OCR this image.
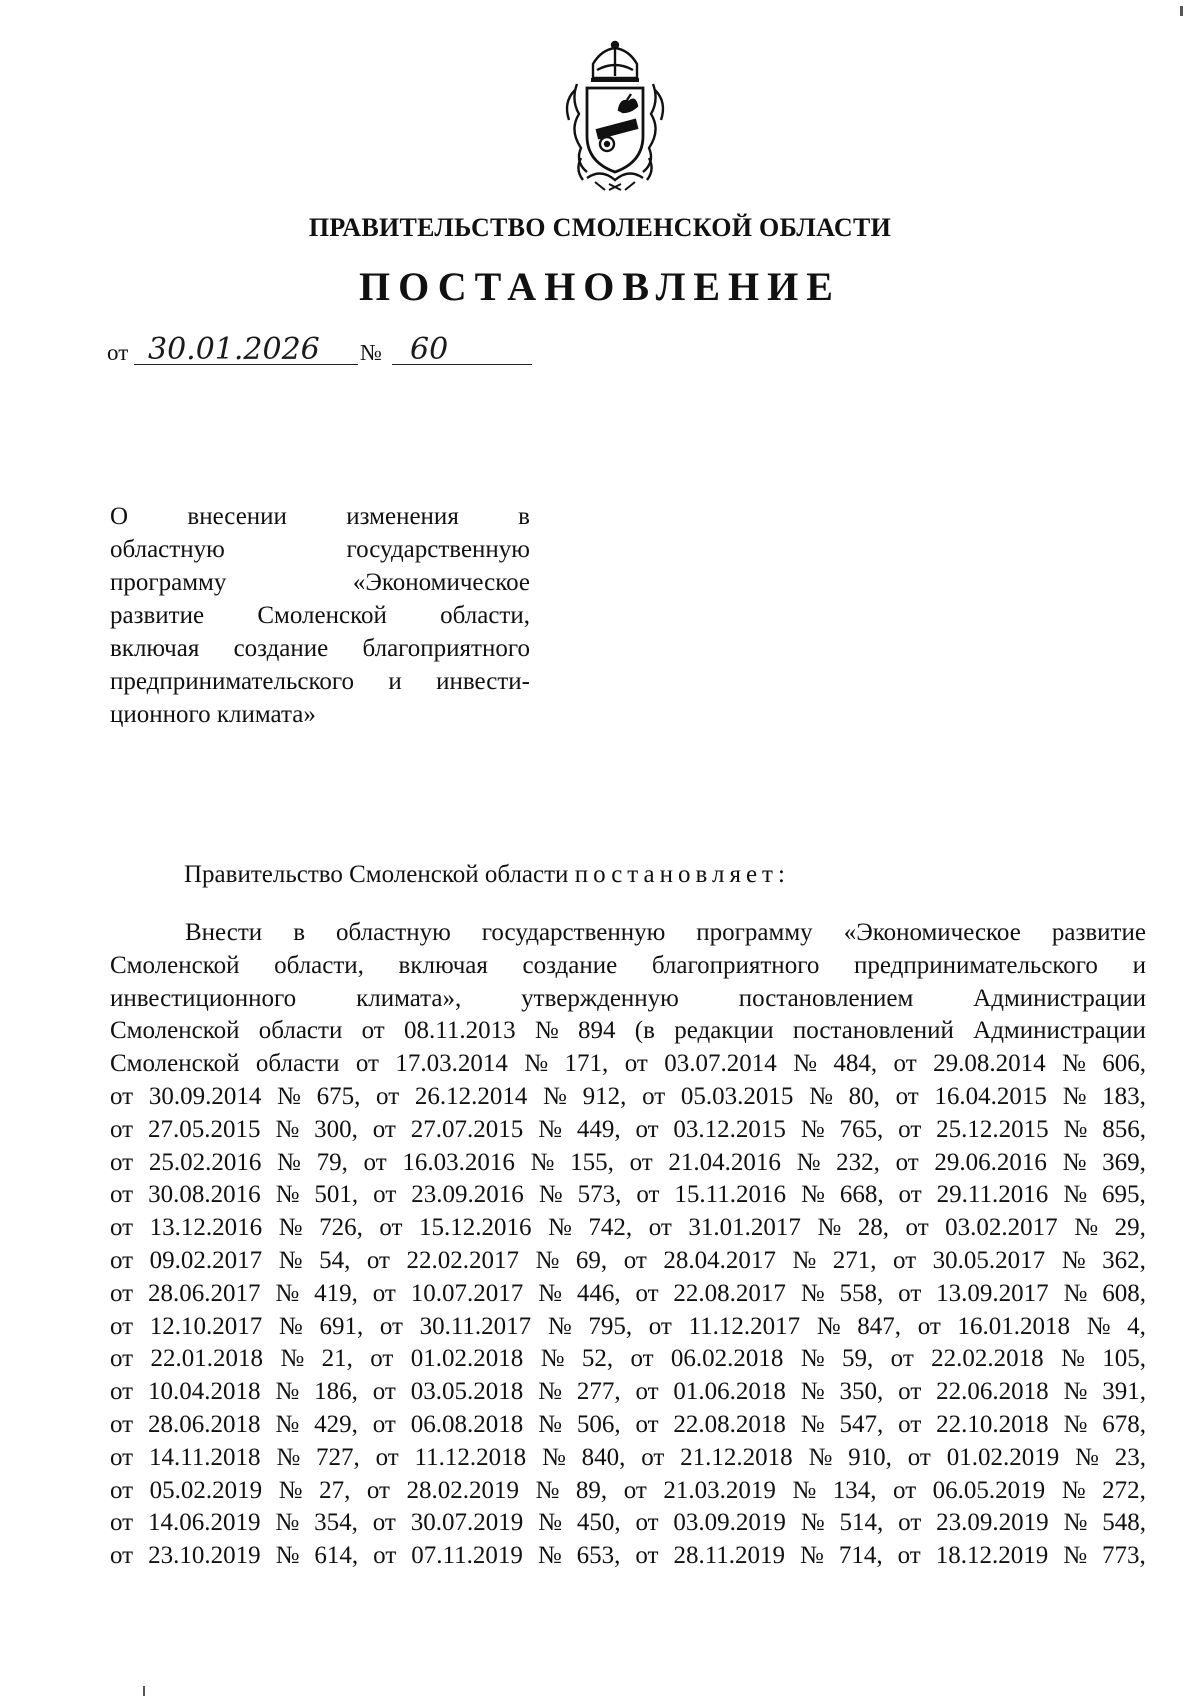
ПРАВИТЕЛЬСТВО СМОЛЕНСКОЙ ОБЛАСТИ
ПОСТАНОВЛЕНИЕ
от 30.01.2026 № 60
О внесении изменения в
областную	государственную
программу	«Экономическое
развитие Смоленской области,
включая создание благоприятного
предпринимательского и инвести-
ционного климата»
Правительство Смоленской области постановляет:
Внести в областную государственную программу «Экономическое развитие
Смоленской области, включая создание благоприятного предпринимательского и
инвестиционного климата», утвержденную постановлением Администрации
Смоленской области от 08.11.2013 № 894 (в редакции постановлений Администрации
Смоленской области от 17.03.2014 № 171, от 03.07.2014 № 484, от 29.08.2014 № 606,
от 30.09.2014 № 675, от 26.12.2014 № 912, от 05.03.2015 № 80, от 16.04.2015 № 183,
от 27.05.2015 № 300, от 27.07.2015 № 449, от 03.12.2015 № 765, от 25.12.2015 № 856,
от 25.02.2016 № 79, от 16.03.2016 № 155, от 21.04.2016 № 232, от 29.06.2016 № 369,
от 30.08.2016 № 501, от 23.09.2016 № 573, от 15.11.2016 № 668, от 29.11.2016 № 695,
от 13.12.2016 № 726, от 15.12.2016 № 742, от 31.01.2017 № 28, от 03.02.2017 № 29,
от 09.02.2017 № 54, от 22.02.2017 № 69, от 28.04.2017 № 271, от 30.05.2017 № 362,
от 28.06.2017 № 419, от 10.07.2017 № 446, от 22.08.2017 № 558, от 13.09.2017 № 608,
от 12.10.2017 № 691, от 30.11.2017 № 795, от 11.12.2017 № 847, от 16.01.2018 № 4,
от 22.01.2018 № 21, от 01.02.2018 № 52, от 06.02.2018 № 59, от 22.02.2018 № 105,
от 10.04.2018 № 186, от 03.05.2018 № 277, от 01.06.2018 № 350, от 22.06.2018 № 391,
от 28.06.2018 № 429, от 06.08.2018 № 506, от 22.08.2018 № 547, от 22.10.2018 № 678,
от 14.11.2018 № 727, от 11.12.2018 № 840, от 21.12.2018 № 910, от 01.02.2019 № 23,
от 05.02.2019 № 27, от 28.02.2019 № 89, от 21.03.2019 № 134, от 06.05.2019 № 272,
от 14.06.2019 № 354, от 30.07.2019 № 450, от 03.09.2019 № 514, от 23.09.2019 № 548,
от 23.10.2019 № 614, от 07.11.2019 № 653, от 28.11.2019 № 714, от 18.12.2019 № 773,
